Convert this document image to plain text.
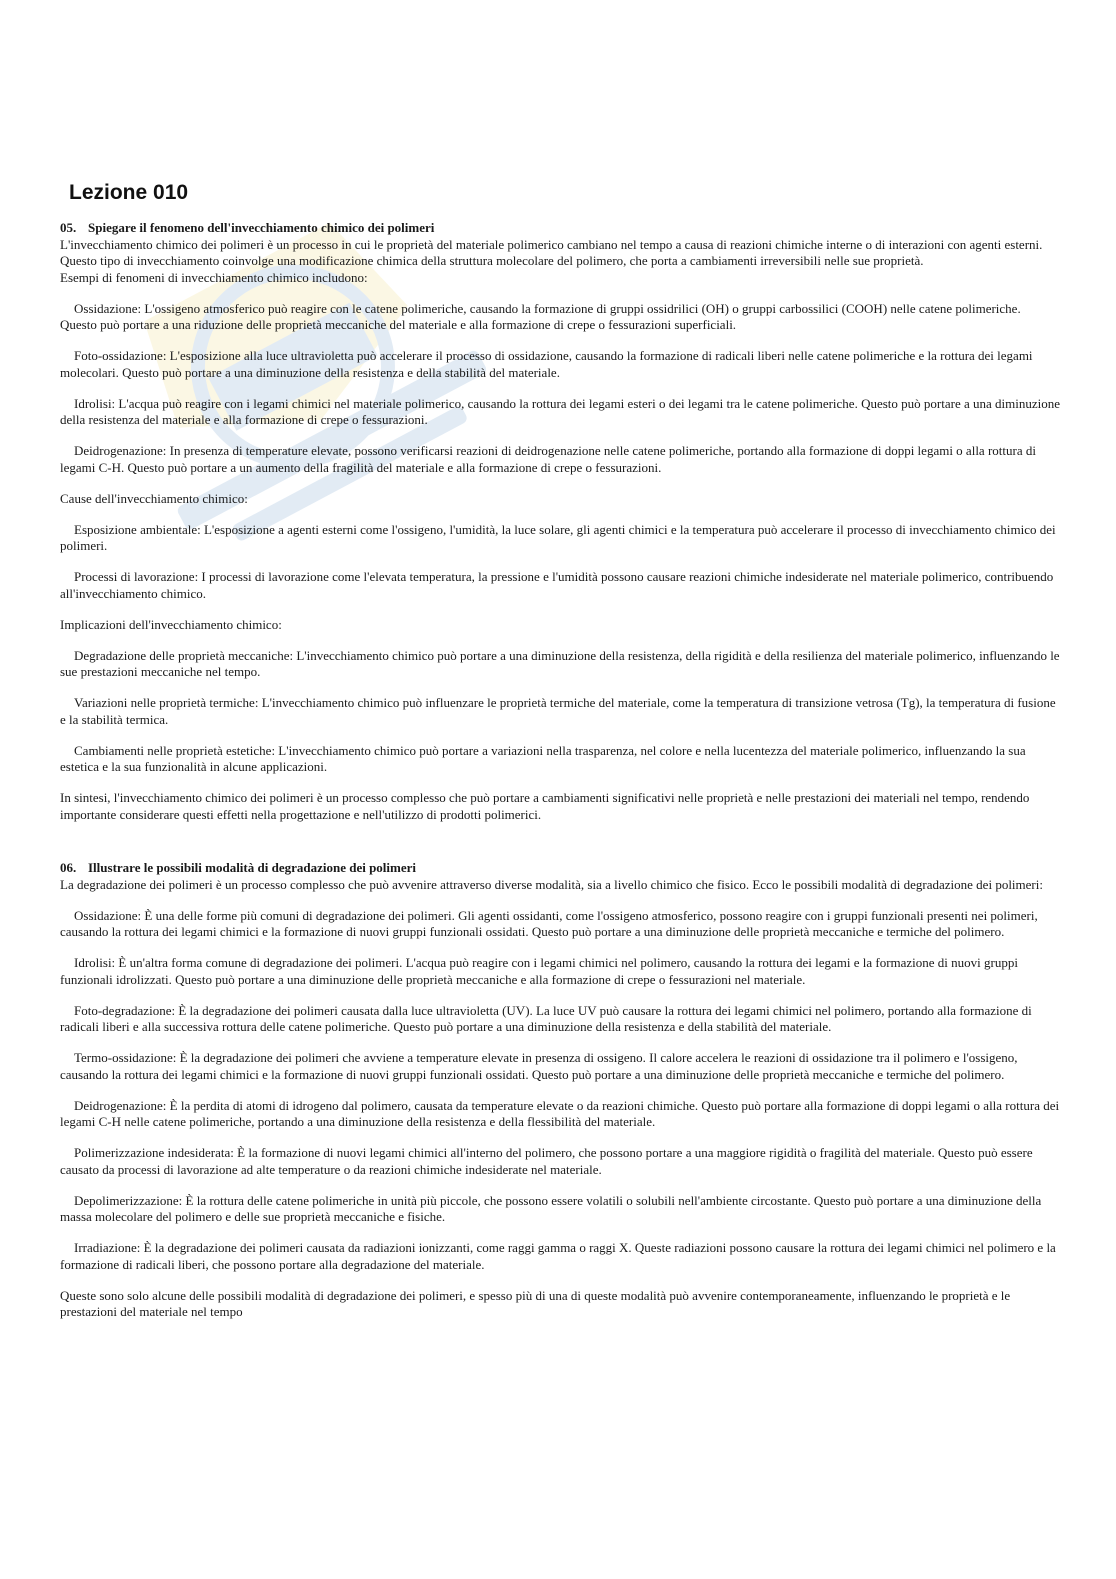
Lezione 010
05. Spiegare il fenomeno dell'invecchiamento chimico dei polimeri

L'invecchiamento chimico dei polimeri è un processo in cui le proprietà del materiale polimerico cambiano nel tempo a causa di reazioni chimiche interne o di interazioni con agenti esterni. Questo tipo di invecchiamento coinvolge una modificazione chimica della struttura molecolare del polimero, che porta a cambiamenti irreversibili nelle sue proprietà.

Esempi di fenomeni di invecchiamento chimico includono:

Ossidazione: L'ossigeno atmosferico può reagire con le catene polimeriche, causando la formazione di gruppi ossidrilici (OH) o gruppi carbossilici (COOH) nelle catene polimeriche. Questo può portare a una riduzione delle proprietà meccaniche del materiale e alla formazione di crepe o fessurazioni superficiali.

Foto-ossidazione: L'esposizione alla luce ultravioletta può accelerare il processo di ossidazione, causando la formazione di radicali liberi nelle catene polimeriche e la rottura dei legami molecolari. Questo può portare a una diminuzione della resistenza e della stabilità del materiale.

Idrolisi: L'acqua può reagire con i legami chimici nel materiale polimerico, causando la rottura dei legami esteri o dei legami tra le catene polimeriche. Questo può portare a una diminuzione della resistenza del materiale e alla formazione di crepe o fessurazioni.

Deidrogenazione: In presenza di temperature elevate, possono verificarsi reazioni di deidrogenazione nelle catene polimeriche, portando alla formazione di doppi legami o alla rottura di legami C-H. Questo può portare a un aumento della fragilità del materiale e alla formazione di crepe o fessurazioni.

Cause dell'invecchiamento chimico:

Esposizione ambientale: L'esposizione a agenti esterni come l'ossigeno, l'umidità, la luce solare, gli agenti chimici e la temperatura può accelerare il processo di invecchiamento chimico dei polimeri.

Processi di lavorazione: I processi di lavorazione come l'elevata temperatura, la pressione e l'umidità possono causare reazioni chimiche indesiderate nel materiale polimerico, contribuendo all'invecchiamento chimico.

Implicazioni dell'invecchiamento chimico:

Degradazione delle proprietà meccaniche: L'invecchiamento chimico può portare a una diminuzione della resistenza, della rigidità e della resilienza del materiale polimerico, influenzando le sue prestazioni meccaniche nel tempo.

Variazioni nelle proprietà termiche: L'invecchiamento chimico può influenzare le proprietà termiche del materiale, come la temperatura di transizione vetrosa (Tg), la temperatura di fusione e la stabilità termica.

Cambiamenti nelle proprietà estetiche: L'invecchiamento chimico può portare a variazioni nella trasparenza, nel colore e nella lucentezza del materiale polimerico, influenzando la sua estetica e la sua funzionalità in alcune applicazioni.

In sintesi, l'invecchiamento chimico dei polimeri è un processo complesso che può portare a cambiamenti significativi nelle proprietà e nelle prestazioni dei materiali nel tempo, rendendo importante considerare questi effetti nella progettazione e nell'utilizzo di prodotti polimerici.

06. Illustrare le possibili modalità di degradazione dei polimeri

La degradazione dei polimeri è un processo complesso che può avvenire attraverso diverse modalità, sia a livello chimico che fisico. Ecco le possibili modalità di degradazione dei polimeri:

Ossidazione: È una delle forme più comuni di degradazione dei polimeri. Gli agenti ossidanti, come l'ossigeno atmosferico, possono reagire con i gruppi funzionali presenti nei polimeri, causando la rottura dei legami chimici e la formazione di nuovi gruppi funzionali ossidati. Questo può portare a una diminuzione delle proprietà meccaniche e termiche del polimero.

Idrolisi: È un'altra forma comune di degradazione dei polimeri. L'acqua può reagire con i legami chimici nel polimero, causando la rottura dei legami e la formazione di nuovi gruppi funzionali idrolizzati. Questo può portare a una diminuzione delle proprietà meccaniche e alla formazione di crepe o fessurazioni nel materiale.

Foto-degradazione: È la degradazione dei polimeri causata dalla luce ultravioletta (UV). La luce UV può causare la rottura dei legami chimici nel polimero, portando alla formazione di radicali liberi e alla successiva rottura delle catene polimeriche. Questo può portare a una diminuzione della resistenza e della stabilità del materiale.

Termo-ossidazione: È la degradazione dei polimeri che avviene a temperature elevate in presenza di ossigeno. Il calore accelera le reazioni di ossidazione tra il polimero e l'ossigeno, causando la rottura dei legami chimici e la formazione di nuovi gruppi funzionali ossidati. Questo può portare a una diminuzione delle proprietà meccaniche e termiche del polimero.

Deidrogenazione: È la perdita di atomi di idrogeno dal polimero, causata da temperature elevate o da reazioni chimiche. Questo può portare alla formazione di doppi legami o alla rottura dei legami C-H nelle catene polimeriche, portando a una diminuzione della resistenza e della flessibilità del materiale.

Polimerizzazione indesiderata: È la formazione di nuovi legami chimici all'interno del polimero, che possono portare a una maggiore rigidità o fragilità del materiale. Questo può essere causato da processi di lavorazione ad alte temperature o da reazioni chimiche indesiderate nel materiale.

Depolimerizzazione: È la rottura delle catene polimeriche in unità più piccole, che possono essere volatili o solubili nell'ambiente circostante. Questo può portare a una diminuzione della massa molecolare del polimero e delle sue proprietà meccaniche e fisiche.

Irradiazione: È la degradazione dei polimeri causata da radiazioni ionizzanti, come raggi gamma o raggi X. Queste radiazioni possono causare la rottura dei legami chimici nel polimero e la formazione di radicali liberi, che possono portare alla degradazione del materiale.

Queste sono solo alcune delle possibili modalità di degradazione dei polimeri, e spesso più di una di queste modalità può avvenire contemporaneamente, influenzando le proprietà e le prestazioni del materiale nel tempo
